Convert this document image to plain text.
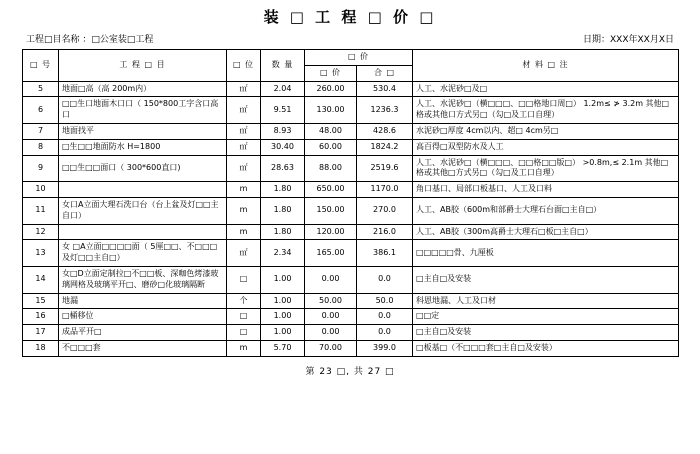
装 □ 工 程 □ 价 □
工程□目名称 ：□公室装□工程	日期：XXX年XX月X日
□ 号	工 程 □ 目	□ 位	数 量	□ 价		材 料 □ 注
				□ 价	合 □	
5	地面□高（高 200m内）	㎡	2.04	260.00	530.4	人工、水泥砂□及□
6	□□生口地面木口口（ 150*800工字含口高口	㎡	9.51	130.00	1236.3	人工、水泥砂□（横□□□、□□格地口周□） 1.2m≤ ≯ 3.2m 其他□格或其他口方式另□（勾□及工口自理）
7	地面找平	㎡	8.93	48.00	428.6	水泥砂□厚度 4cm以内、超□ 4cm另□
8	□生□□地面防水 H=1800	㎡	30.40	60.00	1824.2	高百得□双型防水及人工
9	□□生□□面口（ 300*600直口)	㎡	28.63	88.00	2519.6	人工、水泥砂□（横□□□、□□格□□版□） >0.8m,≤ 2.1m 其他□格或其他□方式另□（勾□及工口自理）
10		m	1.80	650.00	1170.0	角口基口、局部口板基口、人工及口料
11	女口A立面大理石洗口台（台上盆及灯□□主自口）	m	1.80	150.00	270.0	人工、AB胶（600m和部爵士大理石台面□主自□）
12		m	1.80	120.00	216.0	人工、AB胶（300m高爵士大理石□板□主自□）
13	女 □A立面□□□□面（ 5厘□□、不□□□及灯□□主自□）	㎡	2.34	165.00	386.1	□□□□□骨、九厘板
14	女□D立面定制拉□不□□板、深咖色烤漆玻璃网格及玻璃平开□、磨砂□化玻璃隔断	□	1.00	0.00	0.0	□主自□及安装
15	地漏	个	1.00	50.00	50.0	科恩地漏、人工及口材
16	□桶移位	□	1.00	0.00	0.0	□□定
17	成品平开□	□	1.00	0.00	0.0	□主自□及安装
18	不□□□套	m	5.70	70.00	399.0	□板基□（不□□□套□主自□及安装）
第 23 □, 共 27 □
